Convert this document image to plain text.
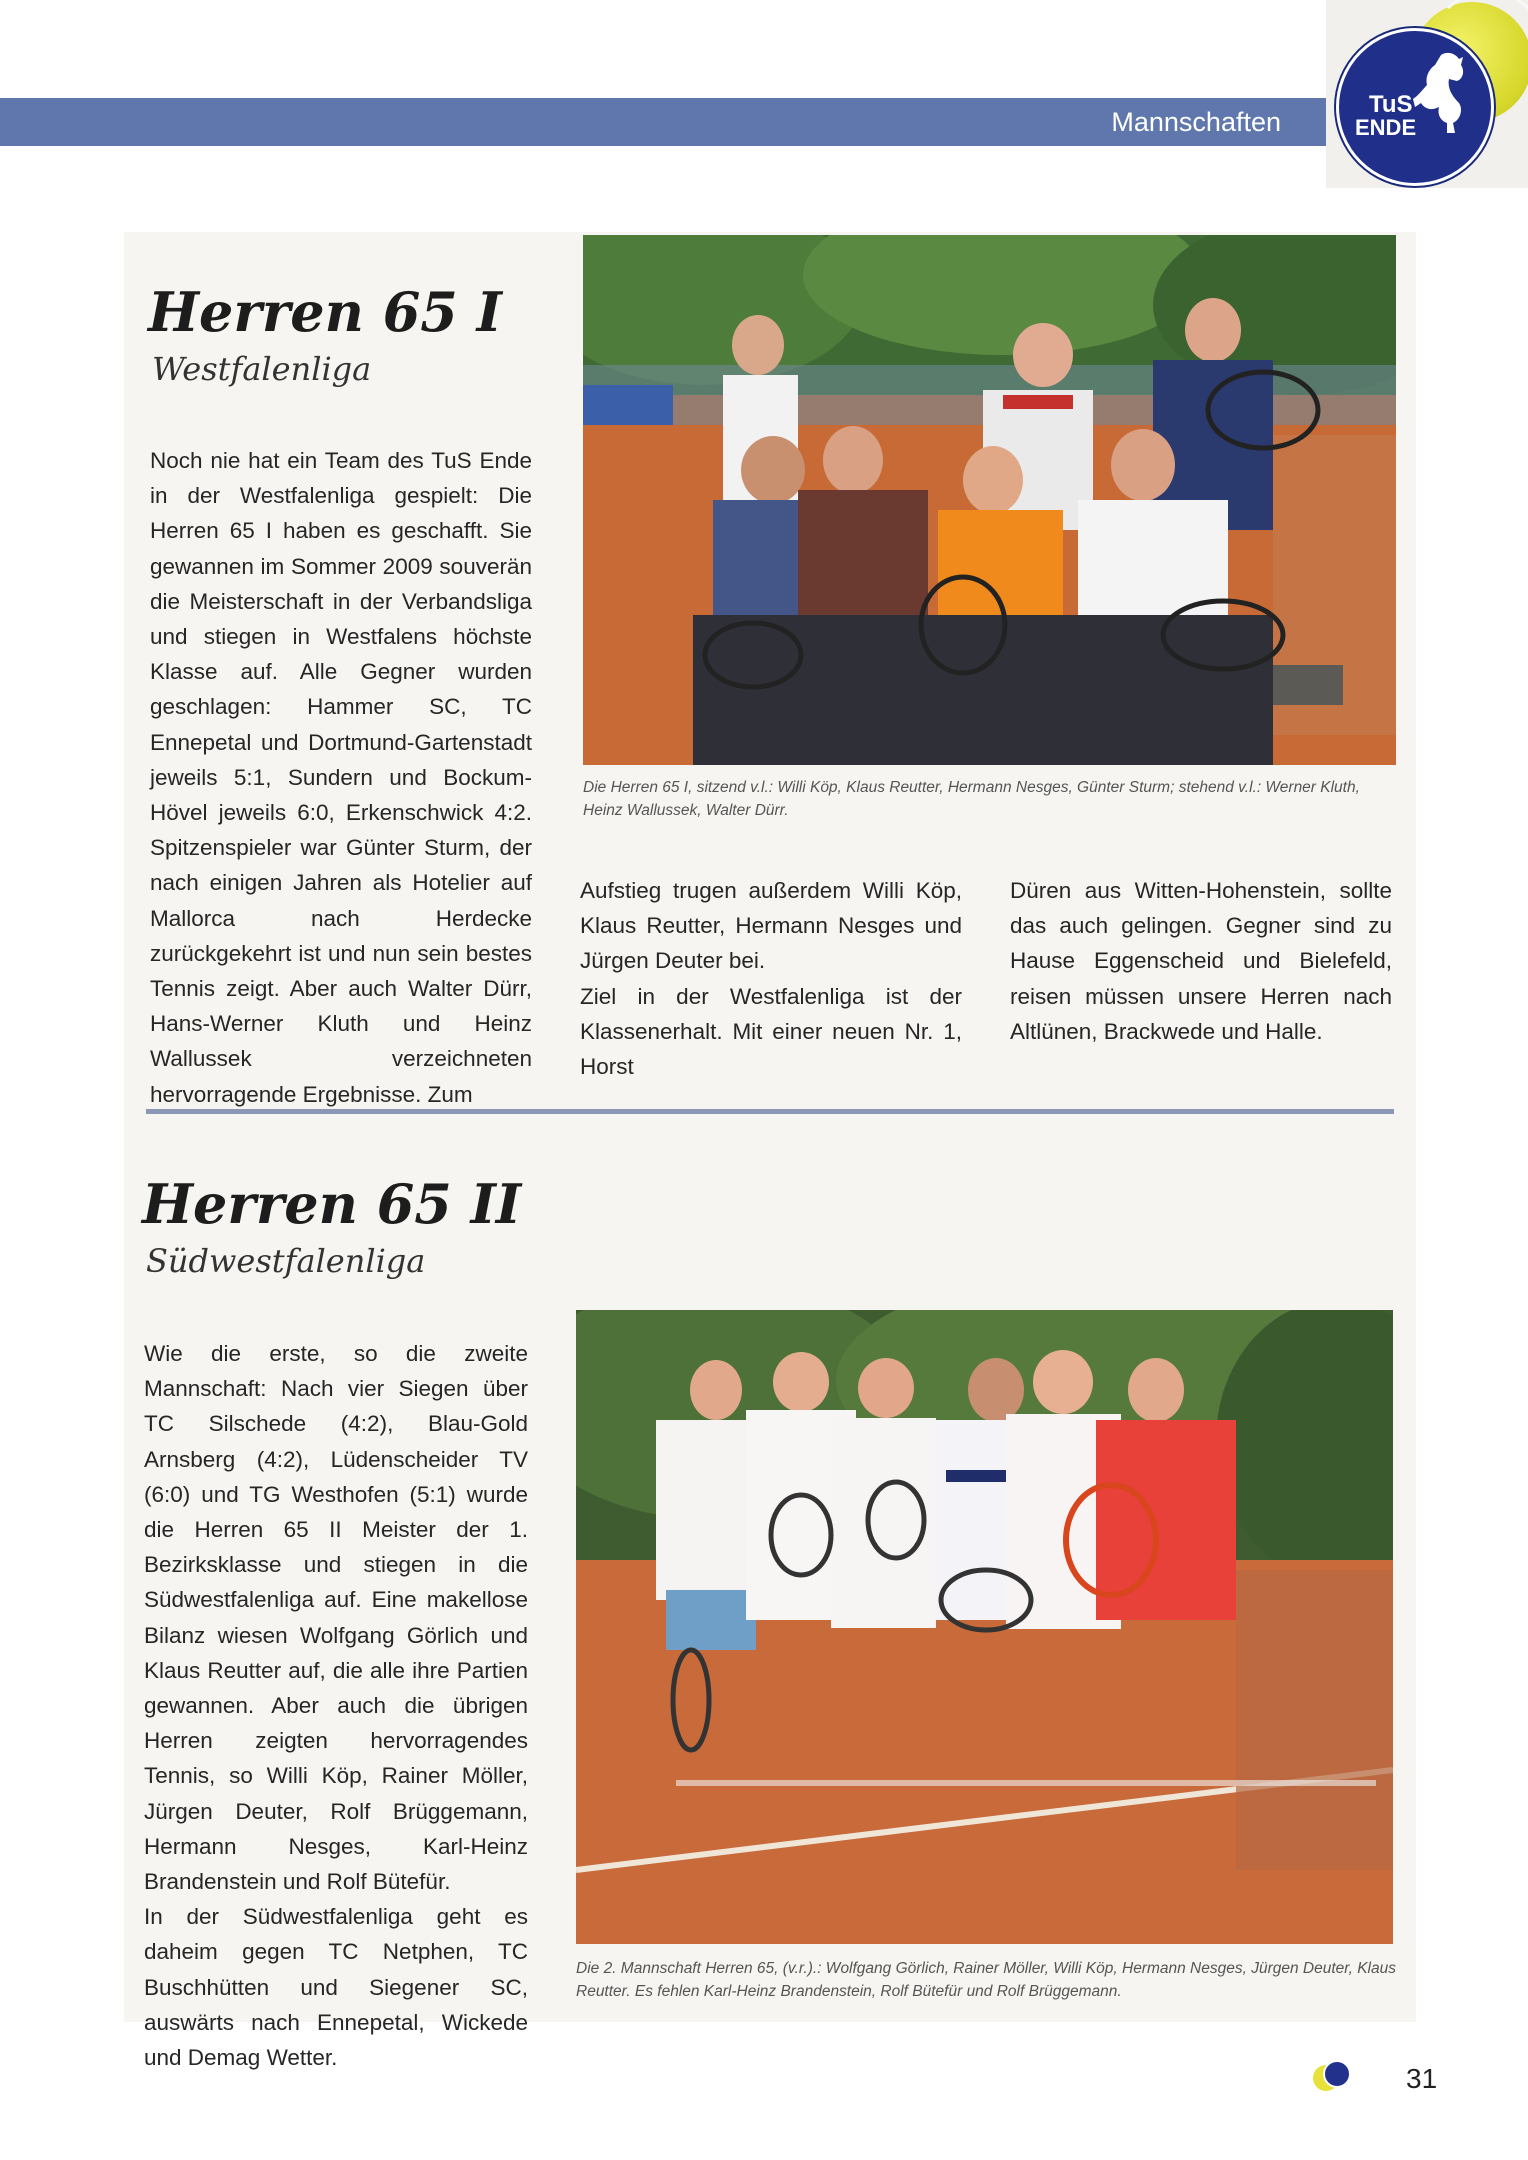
Mannschaften
TuS
ENDE
Herren 65 I
Westfalenliga

Noch nie hat ein Team des TuS Ende in der Westfalenliga gespielt: Die Herren 65 I haben es geschafft. Sie gewannen im Sommer 2009 souverän die Meisterschaft in der Verbandsliga und stiegen in Westfalens höchste Klasse auf. Alle Gegner wurden geschlagen: Hammer SC, TC Ennepetal und Dortmund-Gartenstadt jeweils 5:1, Sundern und Bockum-Hövel jeweils 6:0, Erkenschwick 4:2. Spitzenspieler war Günter Sturm, der nach einigen Jahren als Hotelier auf Mallorca nach Herdecke zurückgekehrt ist und nun sein bestes Tennis zeigt. Aber auch Walter Dürr, Hans-Werner Kluth und Heinz Wallussek verzeichneten hervorragende Ergebnisse. Zum

Die Herren 65 I, sitzend v.l.: Willi Köp, Klaus Reutter, Hermann Nesges, Günter Sturm; stehend v.l.: Werner Kluth, Heinz Wallussek, Walter Dürr.

Aufstieg trugen außerdem Willi Köp, Klaus Reutter, Hermann Nesges und Jürgen Deuter bei.

Ziel in der Westfalenliga ist der Klassenerhalt. Mit einer neuen Nr. 1, Horst

Düren aus Witten-Hohenstein, sollte das auch gelingen. Gegner sind zu Hause Eggenscheid und Bielefeld, reisen müssen unsere Herren nach Altlünen, Brackwede und Halle.

Herren 65 II
Südwestfalenliga

Wie die erste, so die zweite Mannschaft: Nach vier Siegen über TC Silschede (4:2), Blau-Gold Arnsberg (4:2), Lüdenscheider TV (6:0) und TG Westhofen (5:1) wurde die Herren 65 II Meister der 1. Bezirksklasse und stiegen in die Südwestfalenliga auf. Eine makellose Bilanz wiesen Wolfgang Görlich und Klaus Reutter auf, die alle ihre Partien gewannen. Aber auch die übrigen Herren zeigten hervorragendes Tennis, so Willi Köp, Rainer Möller, Jürgen Deuter, Rolf Brüggemann, Hermann Nesges, Karl-Heinz Brandenstein und Rolf Bütefür.

In der Südwestfalenliga geht es daheim gegen TC Netphen, TC Buschhütten und Siegener SC, auswärts nach Ennepetal, Wickede und Demag Wetter.

Die 2. Mannschaft Herren 65, (v.r.).: Wolfgang Görlich, Rainer Möller, Willi Köp, Hermann Nesges, Jürgen Deuter, Klaus Reutter. Es fehlen Karl-Heinz Brandenstein, Rolf Bütefür und Rolf Brüggemann.
31
